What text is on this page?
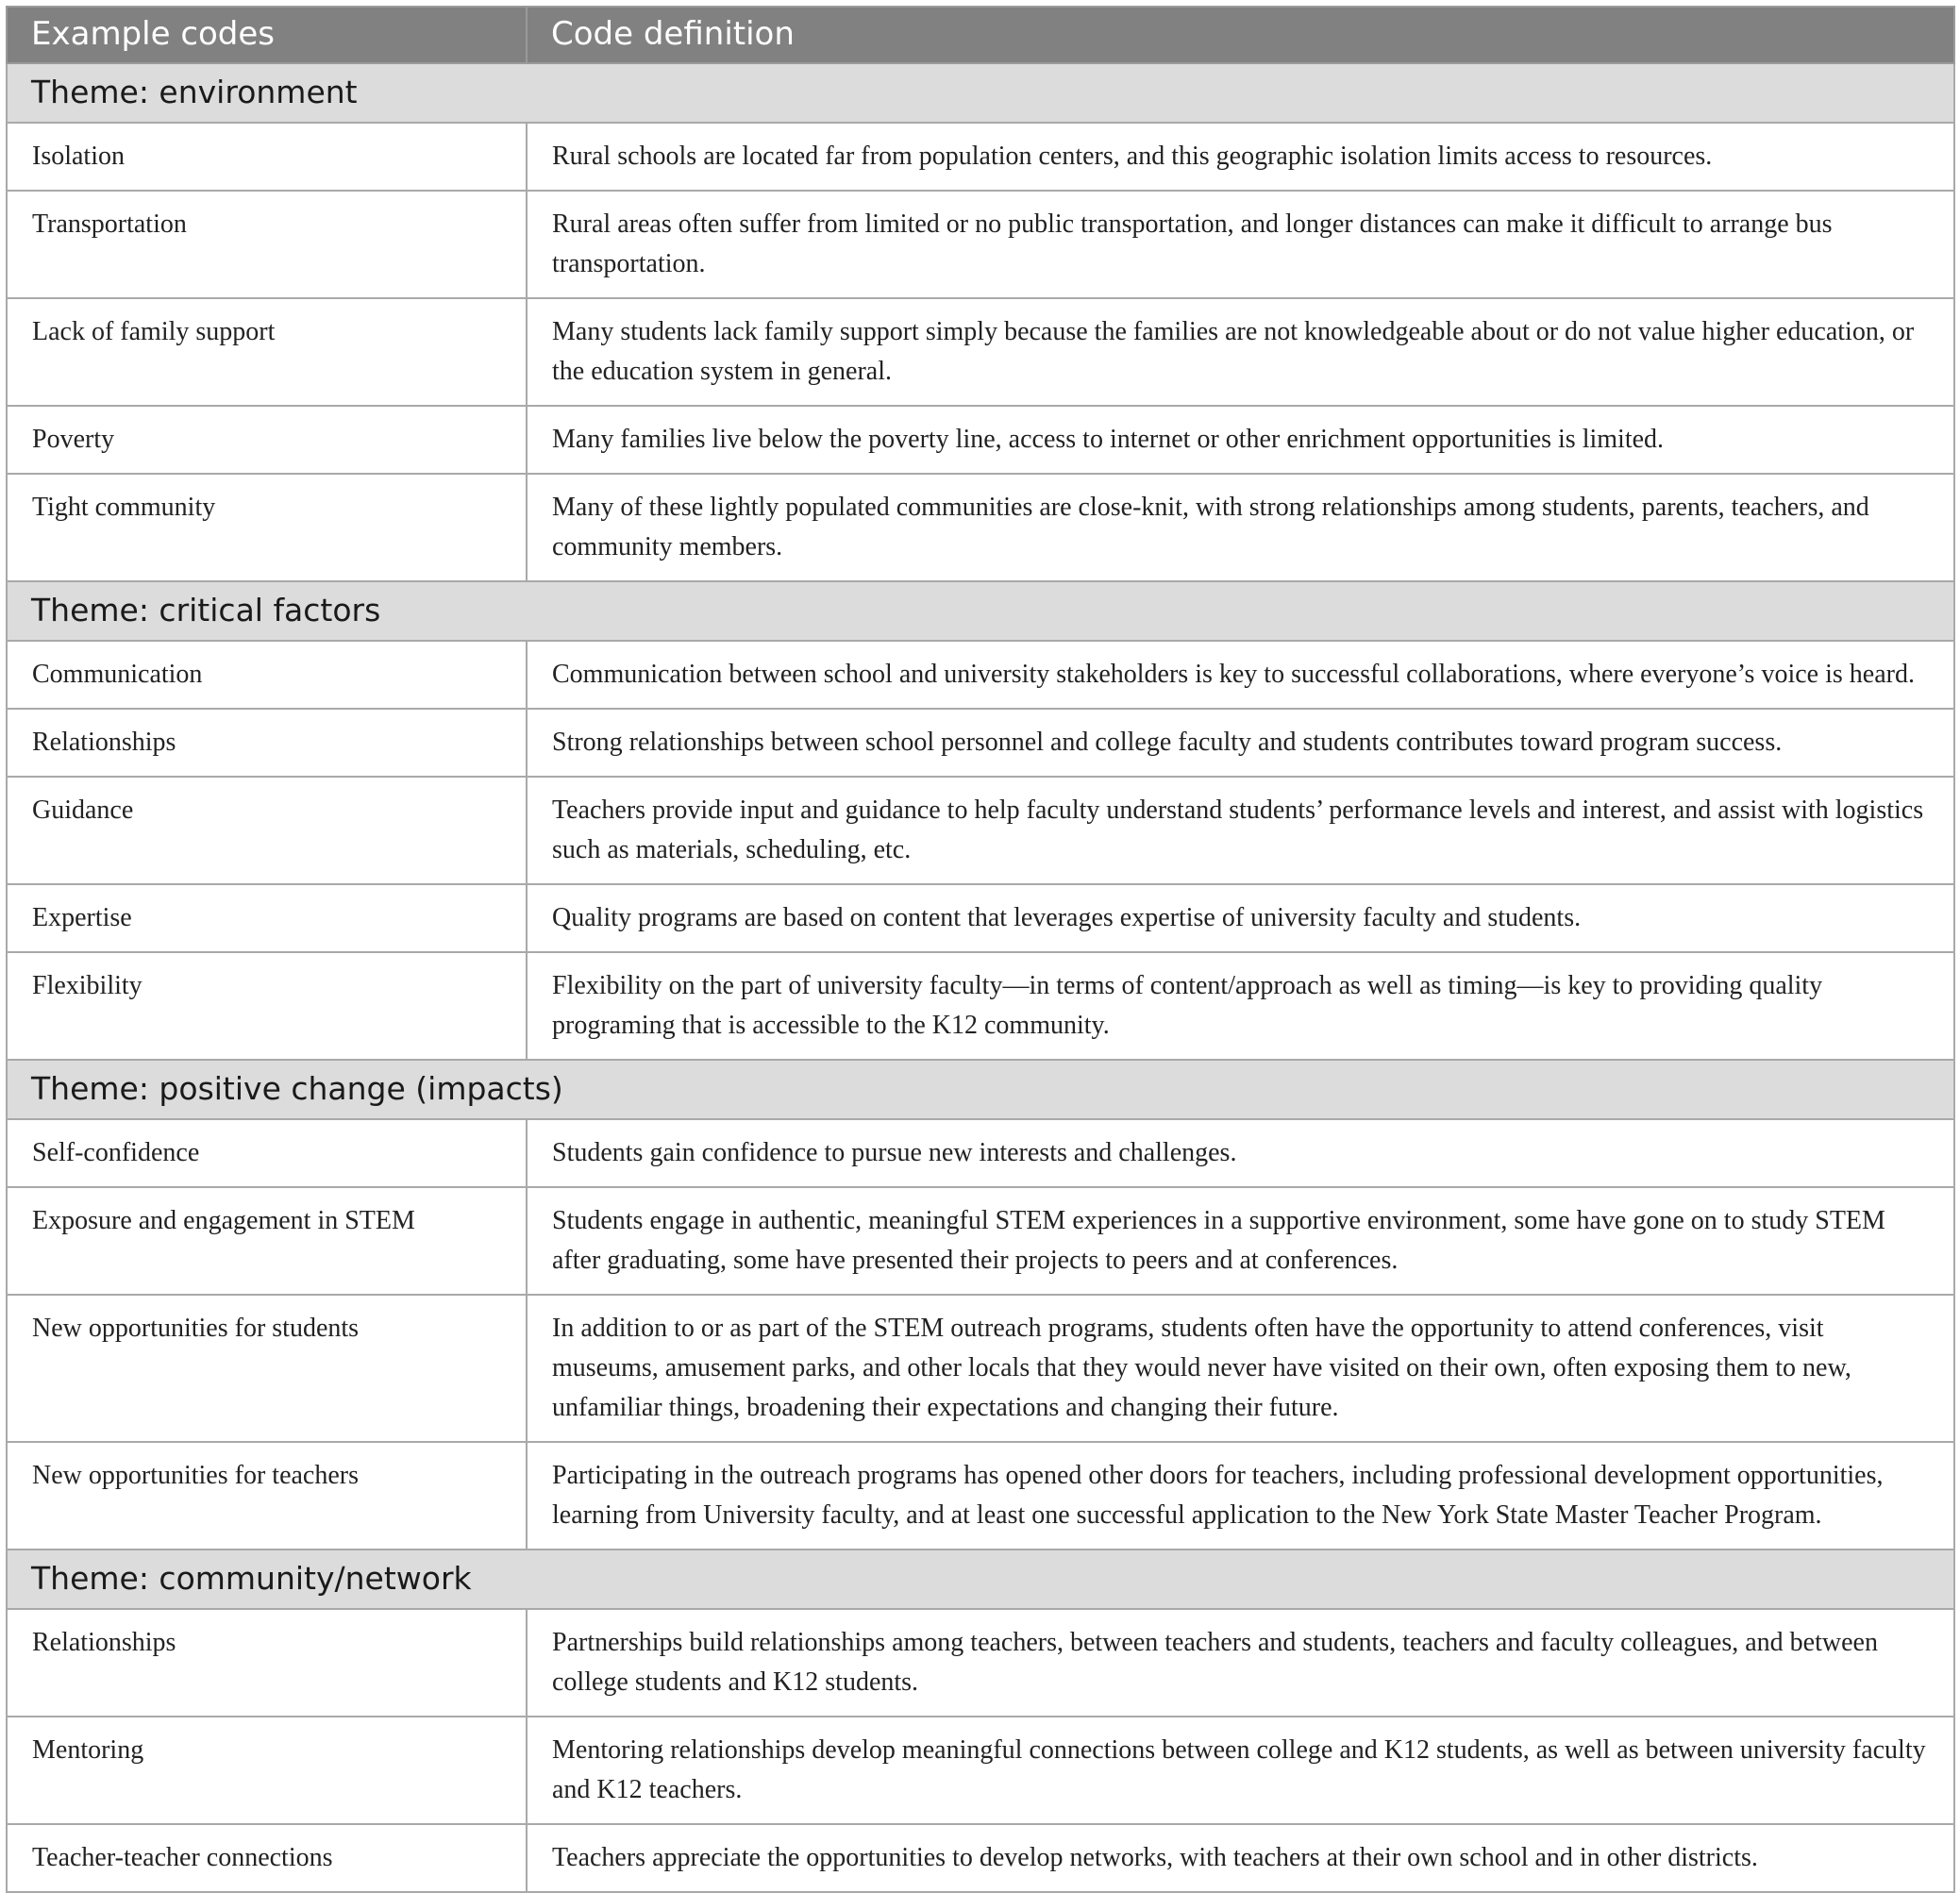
Example codes	Code definition
Theme: environment	
Isolation	Rural schools are located far from population centers, and this geographic isolation limits access to resources.
Transportation	Rural areas often suffer from limited or no public transportation, and longer distances can make it difficult to arrange bus transportation.
Lack of family support	Many students lack family support simply because the families are not knowledgeable about or do not value higher education, or the education system in general.
Poverty	Many families live below the poverty line, access to internet or other enrichment opportunities is limited.
Tight community	Many of these lightly populated communities are close-knit, with strong relationships among students, parents, teachers, and community members.
Theme: critical factors	
Communication	Communication between school and university stakeholders is key to successful collaborations, where everyone’s voice is heard.
Relationships	Strong relationships between school personnel and college faculty and students contributes toward program success.
Guidance	Teachers provide input and guidance to help faculty understand students’ performance levels and interest, and assist with logistics such as materials, scheduling, etc.
Expertise	Quality programs are based on content that leverages expertise of university faculty and students.
Flexibility	Flexibility on the part of university faculty—in terms of content/approach as well as timing—is key to providing quality programing that is accessible to the K12 community.
Theme: positive change (impacts)	
Self-confidence	Students gain confidence to pursue new interests and challenges.
Exposure and engagement in STEM	Students engage in authentic, meaningful STEM experiences in a supportive environment, some have gone on to study STEM after graduating, some have presented their projects to peers and at conferences.
New opportunities for students	In addition to or as part of the STEM outreach programs, students often have the opportunity to attend conferences, visit museums, amusement parks, and other locals that they would never have visited on their own, often exposing them to new, unfamiliar things, broadening their expectations and changing their future.
New opportunities for teachers	Participating in the outreach programs has opened other doors for teachers, including professional development opportunities, learning from University faculty, and at least one successful application to the New York State Master Teacher Program.
Theme: community/network	
Relationships	Partnerships build relationships among teachers, between teachers and students, teachers and faculty colleagues, and between college students and K12 students.
Mentoring	Mentoring relationships develop meaningful connections between college and K12 students, as well as between university faculty and K12 teachers.
Teacher-teacher connections	Teachers appreciate the opportunities to develop networks, with teachers at their own school and in other districts.
